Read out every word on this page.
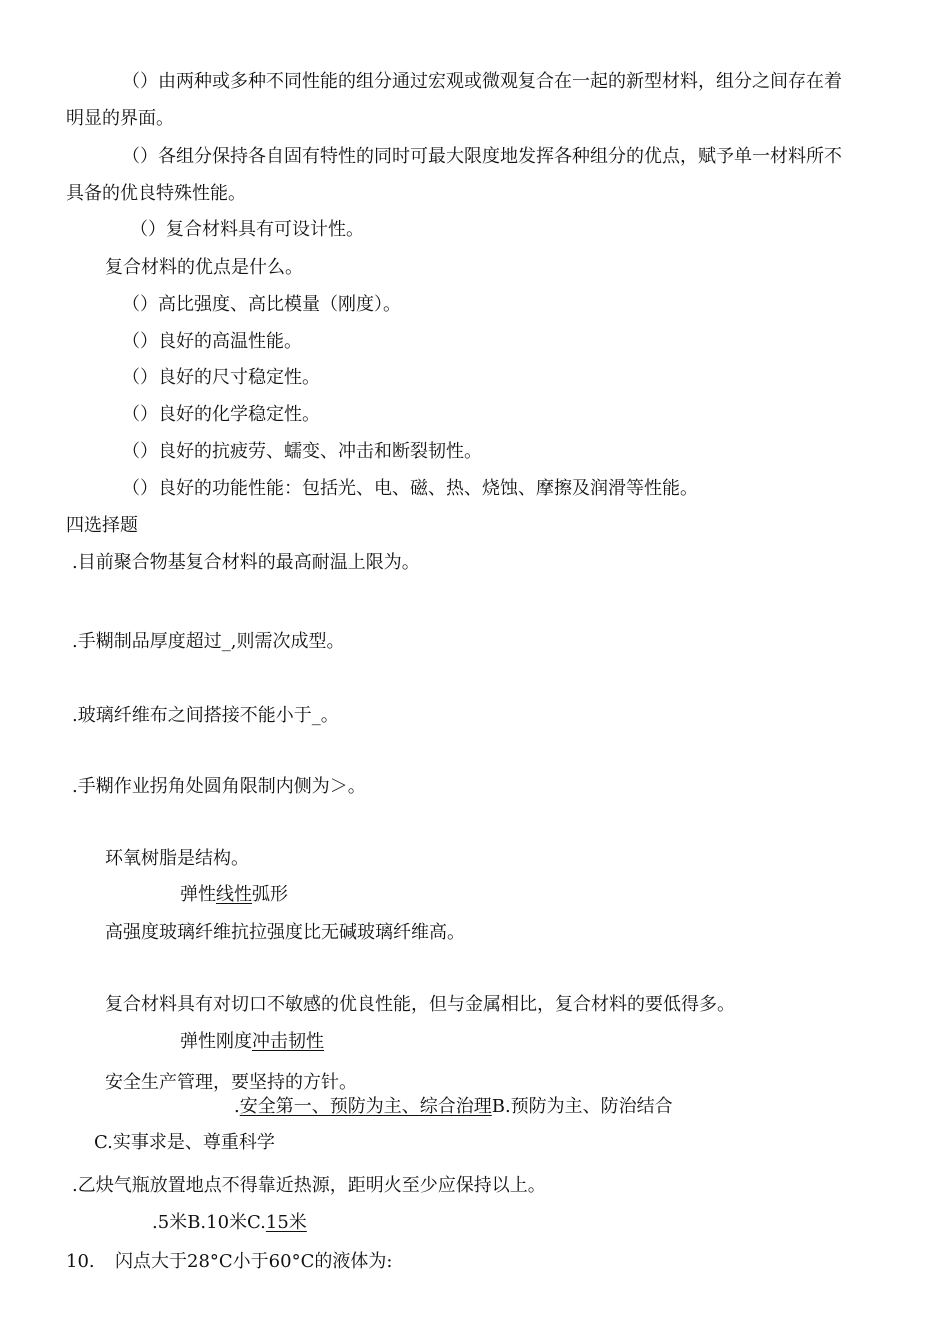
（）由两种或多种不同性能的组分通过宏观或微观复合在一起的新型材料，组分之间存在着
明显的界面。
（）各组分保持各自固有特性的同时可最大限度地发挥各种组分的优点，赋予单一材料所不
具备的优良特殊性能。
（）复合材料具有可设计性。
复合材料的优点是什么。
（）高比强度、高比模量（刚度）。
（）良好的高温性能。
（）良好的尺寸稳定性。
（）良好的化学稳定性。
（）良好的抗疲劳、蠕变、冲击和断裂韧性。
（）良好的功能性能：包括光、电、磁、热、烧蚀、摩擦及润滑等性能。
四选择题
.目前聚合物基复合材料的最高耐温上限为。
.手糊制品厚度超过_,则需次成型。
.玻璃纤维布之间搭接不能小于_。
.手糊作业拐角处圆角限制内侧为＞。
环氧树脂是结构。
弹性线性弧形
高强度玻璃纤维抗拉强度比无碱玻璃纤维高。
复合材料具有对切口不敏感的优良性能，但与金属相比，复合材料的要低得多。
弹性刚度冲击韧性
安全生产管理，要坚持的方针。
.安全第一、预防为主、综合治理B.预防为主、防治结合
C.实事求是、尊重科学
.乙炔气瓶放置地点不得靠近热源，距明火至少应保持以上。
.5米B.10米C.15米
10. 闪点大于28°C小于60°C的液体为:
